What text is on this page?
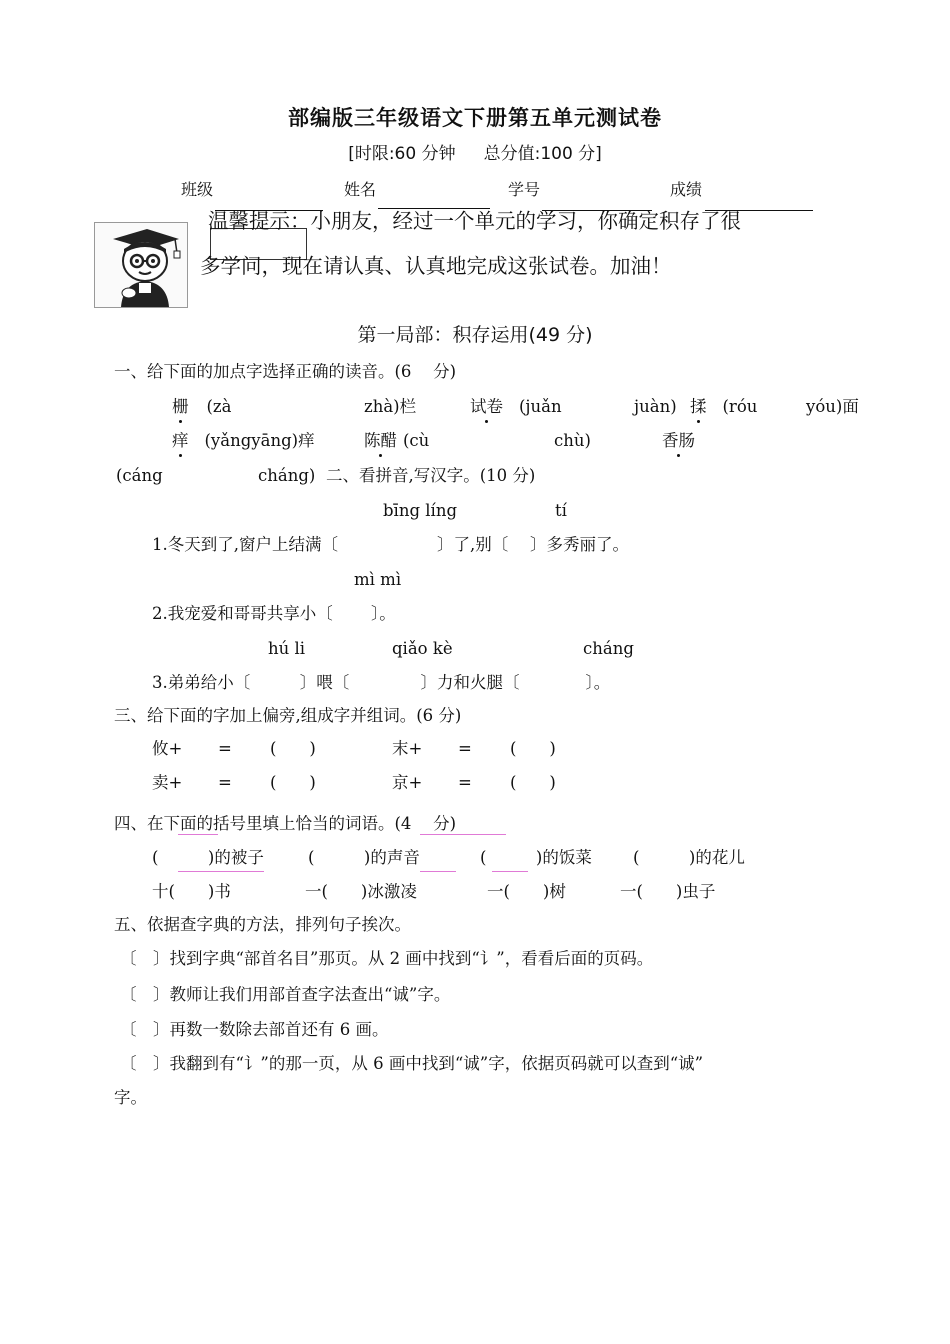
部编版三年级语文下册第五单元测试卷
[时限:60 分钟 总分值:100 分]
班级	姓名	学号	成绩
温馨提示：小朋友，经过一个单元的学习，你确定积存了很
多学问，现在请认真、认真地完成这张试卷。加油！
第一局部：积存运用(49 分)
一、给下面的加点字选择正确的读音。(6　 分)
栅 (zà	zhà)栏	试卷 (juǎn	juàn) 揉 (róu	yóu)面
痒 (yǎngyāng)痒	陈醋 (cù	chù)	香肠
(cáng	cháng) 二、看拼音,写汉字。(10 分)
bīng líng	tí
1.冬天到了,窗户上结满〔　　　　　　〕了,别〔　 〕多秀丽了。
mì mì
2.我宠爱和哥哥共享小〔　　 〕。
hú li	qiǎo kè	cháng
3.弟弟给小〔　　　〕喂〔　　　　 〕力和火腿〔　　　　〕。
三、给下面的字加上偏旁,组成字并组词。(6 分)
攸+ = (　　)	末+ = (　　)
卖+ = (　　)	京+ = (　　)
四、在下面的括号里填上恰当的词语。(4　 分)
(　　　)的被子	(　　　)的声音	(　　　)的饭菜 (　　　)的花儿
十(　　)书	一(　　)冰激凌	一(　　)树	一(　　)虫子
五、依据查字典的方法，排列句子挨次。
〔　〕找到字典“部首名目”那页。从 2 画中找到“讠”，看看后面的页码。
〔　〕教师让我们用部首查字法查出“诚”字。
〔　〕再数一数除去部首还有 6 画。
〔　〕我翻到有“讠”的那一页，从 6 画中找到“诚”字，依据页码就可以查到“诚”
字。
